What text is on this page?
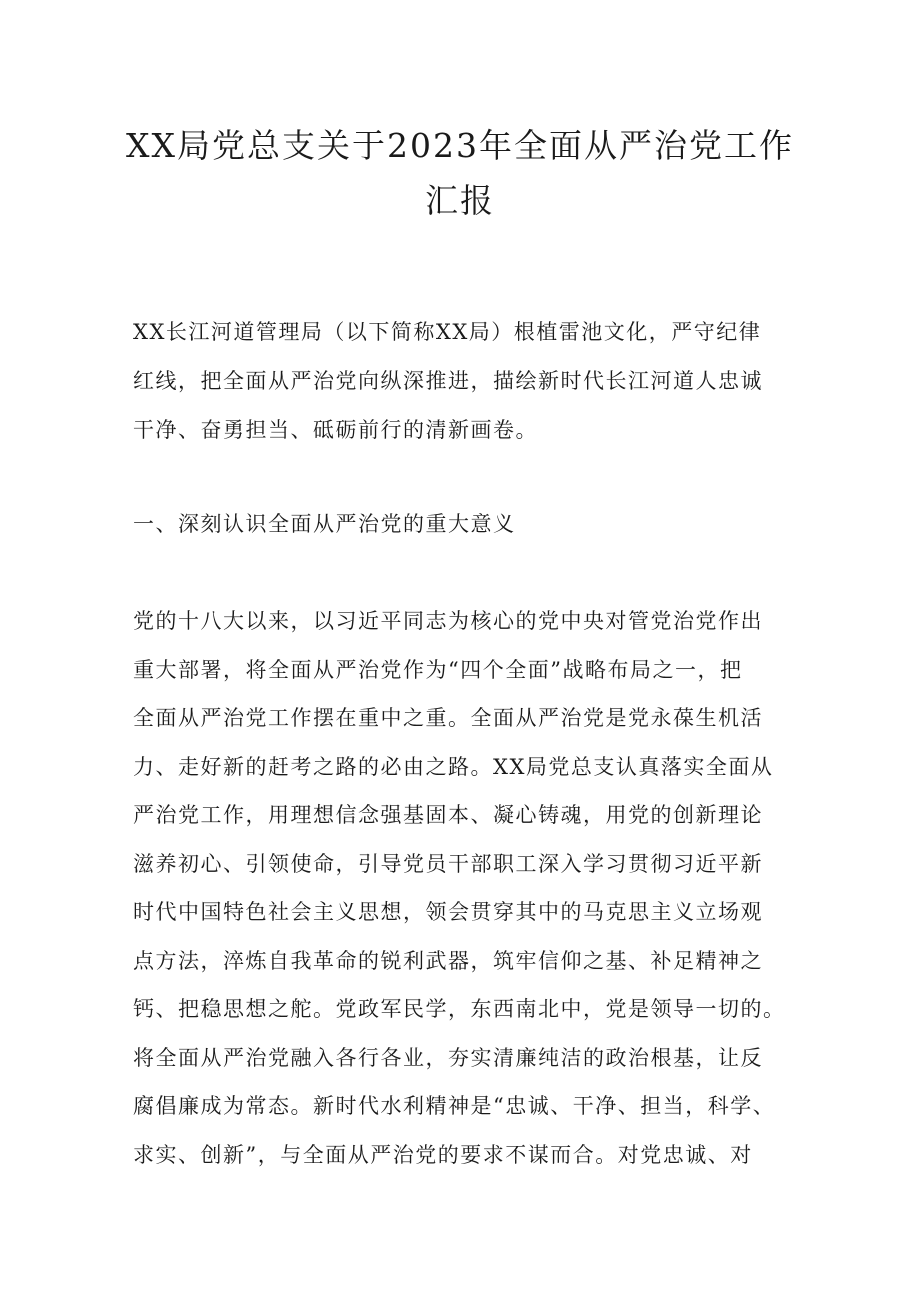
XX局党总支关于2023年全面从严治党工作
汇报

XX长江河道管理局（以下简称XX局）根植雷池文化，严守纪律
红线，把全面从严治党向纵深推进，描绘新时代长江河道人忠诚
干净、奋勇担当、砥砺前行的清新画卷。

一、深刻认识全面从严治党的重大意义

党的十八大以来，以习近平同志为核心的党中央对管党治党作出
重大部署，将全面从严治党作为“四个全面”战略布局之一，把
全面从严治党工作摆在重中之重。全面从严治党是党永葆生机活
力、走好新的赶考之路的必由之路。XX局党总支认真落实全面从
严治党工作，用理想信念强基固本、凝心铸魂，用党的创新理论
滋养初心、引领使命，引导党员干部职工深入学习贯彻习近平新
时代中国特色社会主义思想，领会贯穿其中的马克思主义立场观
点方法，淬炼自我革命的锐利武器，筑牢信仰之基、补足精神之
钙、把稳思想之舵。党政军民学，东西南北中，党是领导一切的。
将全面从严治党融入各行各业，夯实清廉纯洁的政治根基，让反
腐倡廉成为常态。新时代水利精神是“忠诚、干净、担当，科学、
求实、创新”，与全面从严治党的要求不谋而合。对党忠诚、对
